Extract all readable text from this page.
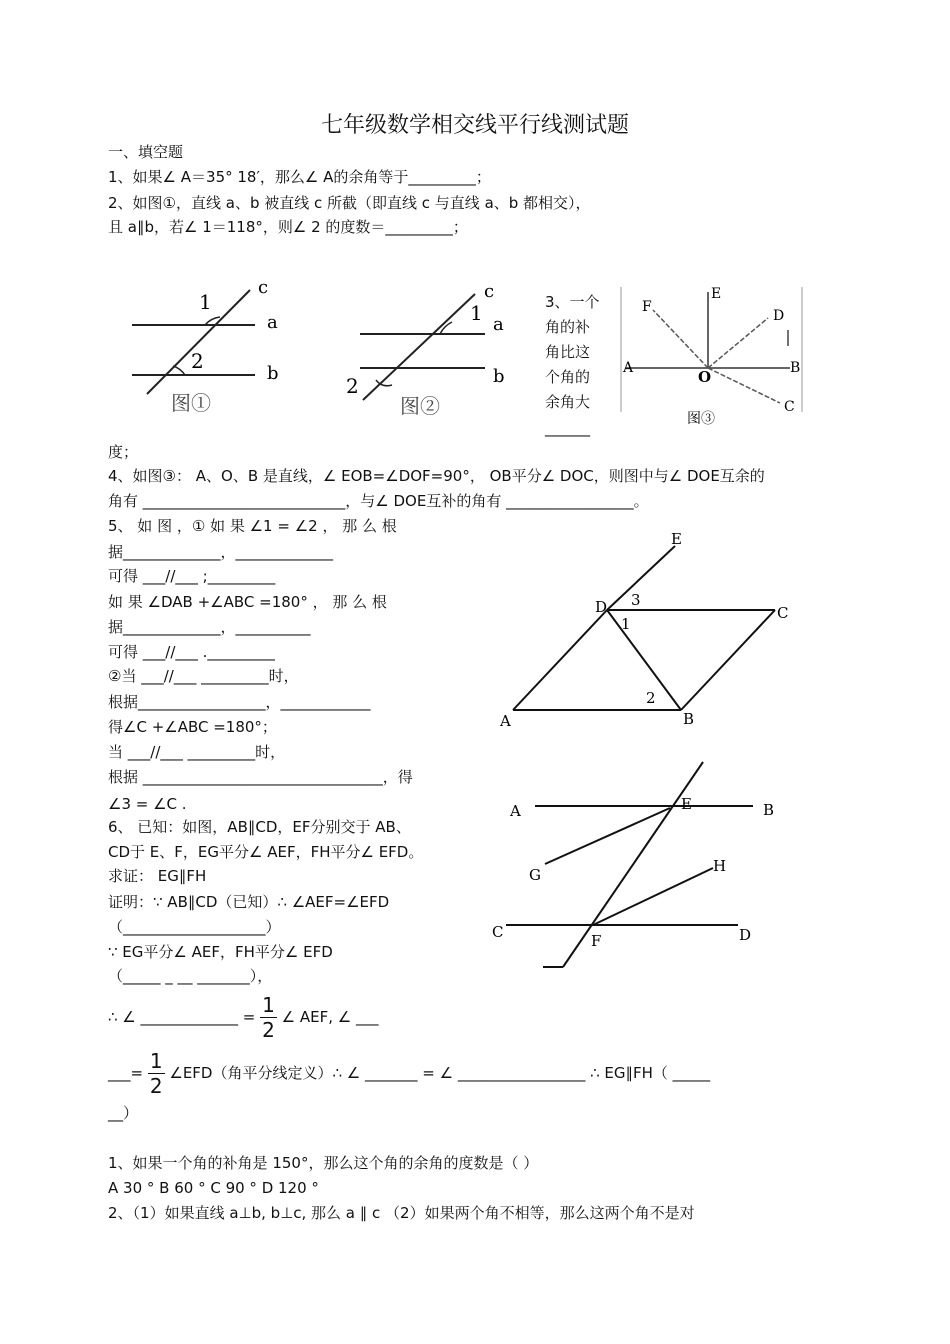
七年级数学相交线平行线测试题
一、填空题
1、如果∠ A＝35° 18′，那么∠ A的余角等于_________；
2、如图①，直线 a、b 被直线 c 所截（即直线 c 与直线 a、b 都相交），
且 a∥b，若∠ 1＝118°，则∠ 2 的度数＝_________；
1
c
a
2
b
图①
1
c
a
2	b
图②
3、一个
角的补
角比这
个角的
余角大
______
F
E
D
A	O	B
C
图③
度；
4、如图③： A、O、B 是直线，∠ EOB=∠DOF=90°， OB平分∠ DOC，则图中与∠ DOE互余的
角有 ___________________________，与∠ DOE互补的角有 _________________。
5、 如 图 ，① 如 果 ∠1 = ∠2 ， 那 么 根
据_____________，_____________
可得 ___//___ ;_________
如 果 ∠DAB +∠ABC =180° ， 那 么 根
据_____________，__________
可得 ___//___ ._________
②当 ___//___ _________时，
根据_________________，____________
得∠C +∠ABC =180°；
当 ___//___ _________时，
根据 ________________________________，得
∠3 = ∠C .
E
D 3
C
1
2
A	B
6、 已知：如图，AB∥CD，EF分别交于 AB、
CD于 E、F，EG平分∠ AEF，FH平分∠ EFD。
求证： EG∥FH
证明：∵ AB∥CD（已知）∴ ∠AEF=∠EFD
（___________________）
∵ EG平分∠ AEF，FH平分∠ EFD
（_____ _ __ _______），
∴ ∠ _____________ = $\frac{1}{2}$ ∠ AEF, ∠ ___
___= $\frac{1}{2}$ ∠EFD（角平分线定义）∴ ∠ _______ = ∠ _________________ ∴ EG∥FH（ _____
__）
A	E	B
H
G
C	F	D
1、如果一个角的补角是 150°，那么这个角的余角的度数是（ ）
A 30 ° B 60 ° C 90 ° D 120 °
2、（1）如果直线 a⊥b, b⊥c, 那么 a ∥ c （2）如果两个角不相等，那么这两个角不是对
